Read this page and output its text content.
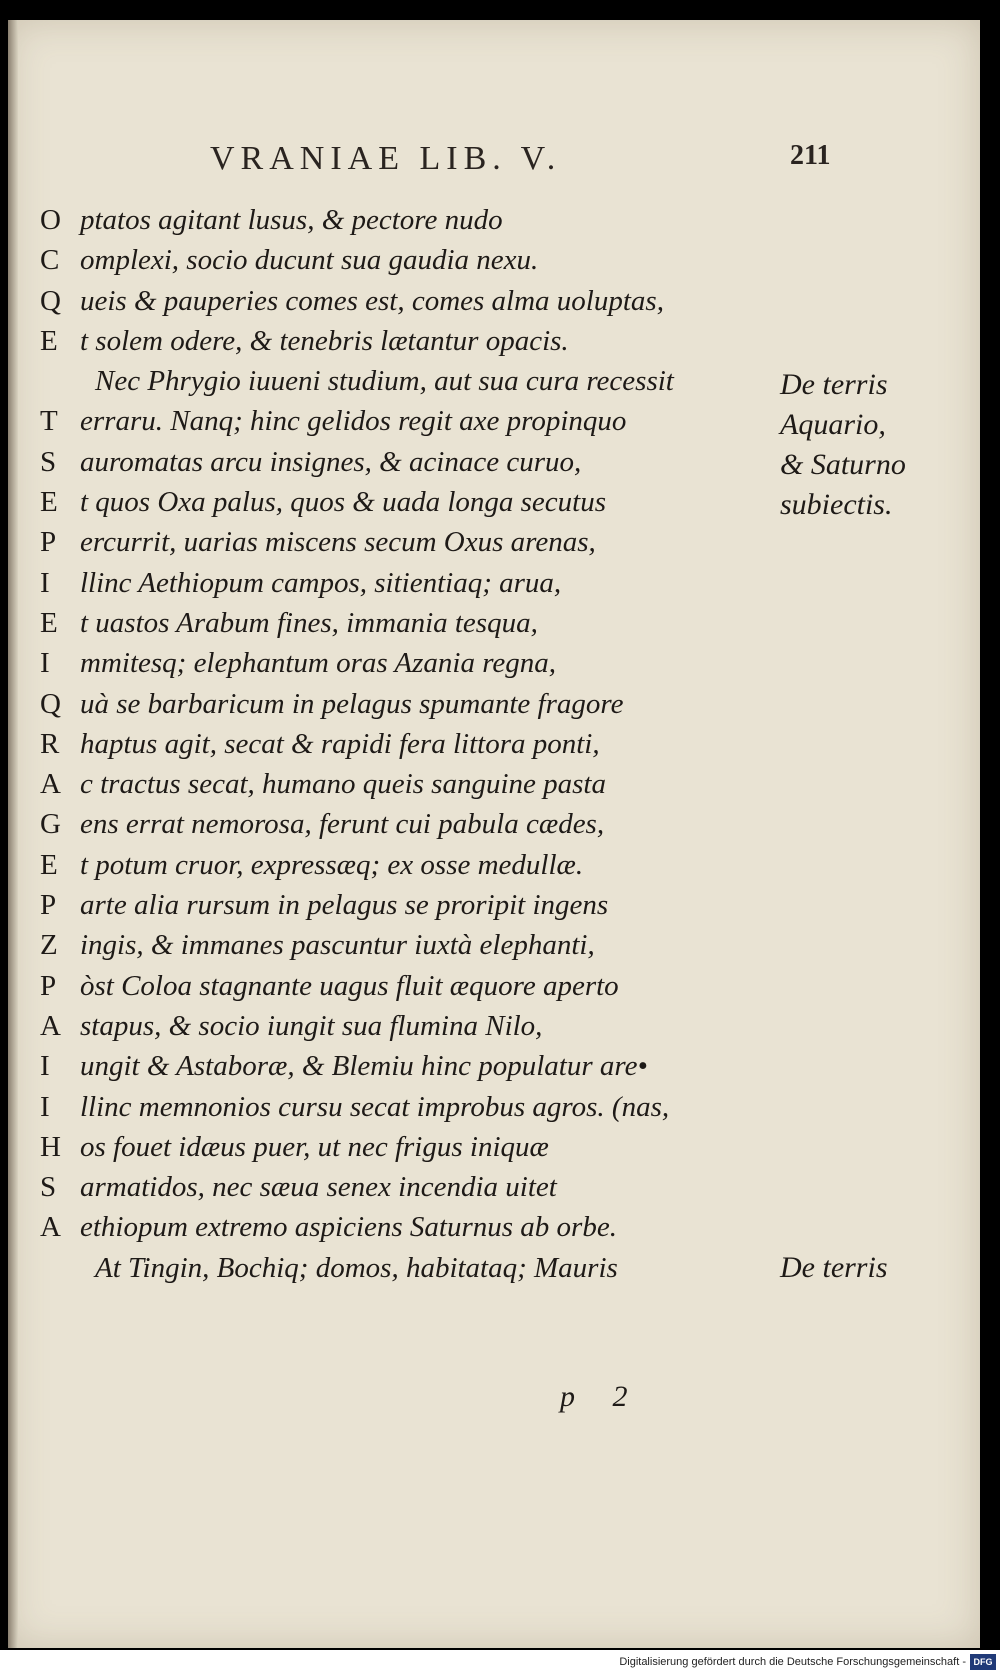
VRANIAE LIB. V.	211
O ptatos agitant lusus, & pectore nudo
C omplexi, socio ducunt sua gaudia nexu.
Q ueis & pauperies comes est, comes alma uoluptas,
E t solem odere, & tenebris lætantur opacis.
Nec Phrygio iuueni studium, aut sua cura recessit
T erraru. Nanq; hinc gelidos regit axe propinquo
S auromatas arcu insignes, & acinace curuo,
E t quos Oxa palus, quos & uada longa secutus
P ercurrit, uarias miscens secum Oxus arenas,
I llinc Aethiopum campos, sitientiaq; arua,
E t uastos Arabum fines, immania tesqua,
I mmitesq; elephantum oras Azania regna,
Q uà se barbaricum in pelagus spumante fragore
R haptus agit, secat & rapidi fera littora ponti,
A c tractus secat, humano queis sanguine pasta
G ens errat nemorosa, ferunt cui pabula cædes,
E t potum cruor, expressæq; ex osse medullæ.
P arte alia rursum in pelagus se proripit ingens
Z ingis, & immanes pascuntur iuxtà elephanti,
P òst Coloa stagnante uagus fluit æquore aperto
A stapus, & socio iungit sua flumina Nilo,
I ungit & Astaboræ, & Blemiu hinc populatur are•
I llinc memnonios cursu secat improbus agros. (nas,
H os fouet idæus puer, ut nec frigus iniquæ
S armatidos, nec sæua senex incendia uitet
A ethiopum extremo aspiciens Saturnus ab orbe.
At Tingin, Bochiq; domos, habitataq; Mauris
De terris
Aquario,
& Saturno
subiectis.
De terris
p 2
Digitalisierung gefördert durch die Deutsche Forschungsgemeinschaft - DFG
